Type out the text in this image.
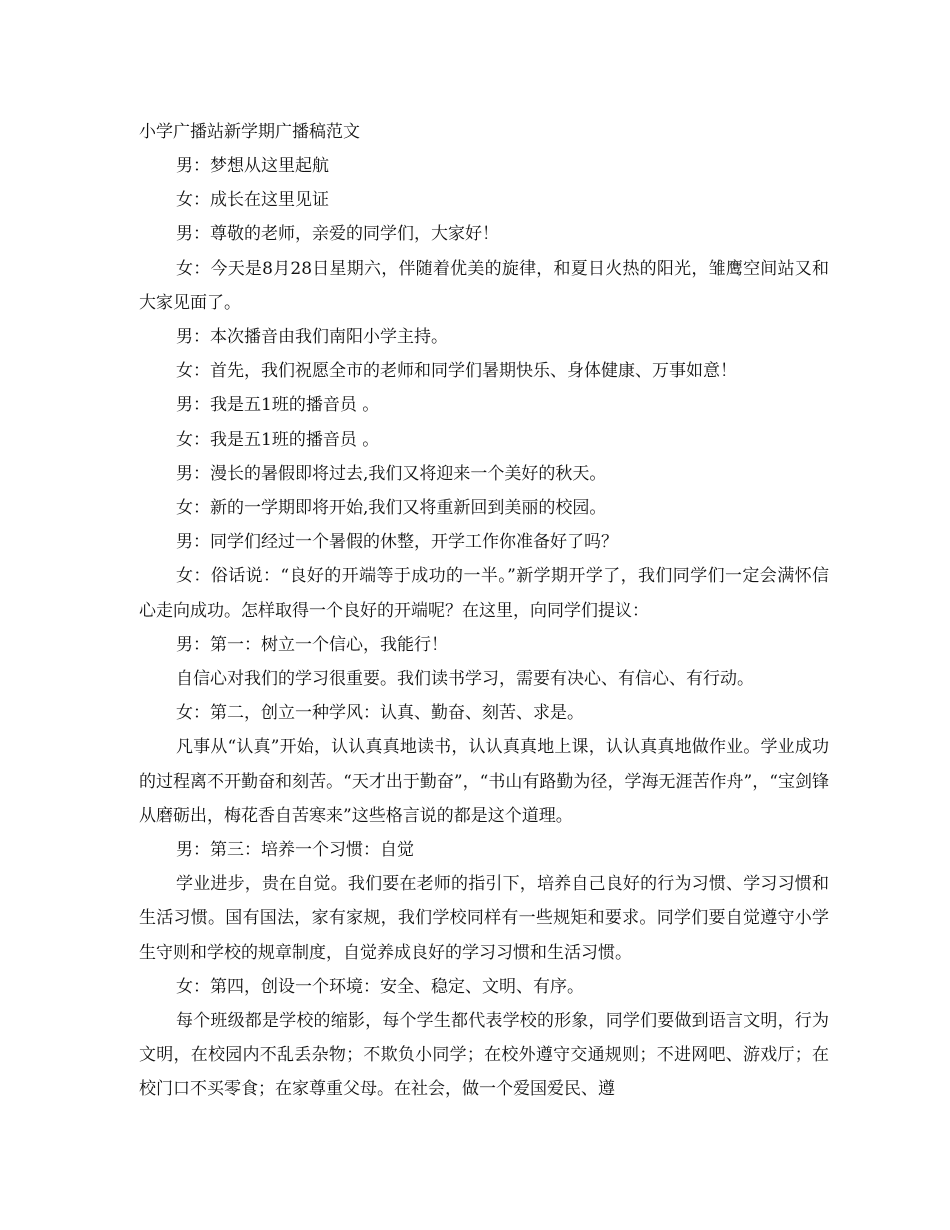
小学广播站新学期广播稿范文

男：梦想从这里起航

女：成长在这里见证

男：尊敬的老师，亲爱的同学们，大家好！

女：今天是8月28日星期六，伴随着优美的旋律，和夏日火热的阳光，雏鹰空间站又和大家见面了。

男：本次播音由我们南阳小学主持。

女：首先，我们祝愿全市的老师和同学们暑期快乐、身体健康、万事如意！

男：我是五1班的播音员 。

女：我是五1班的播音员 。

男：漫长的暑假即将过去,我们又将迎来一个美好的秋天。

女：新的一学期即将开始,我们又将重新回到美丽的校园。

男：同学们经过一个暑假的休整，开学工作你准备好了吗？

女：俗话说：“良好的开端等于成功的一半。”新学期开学了，我们同学们一定会满怀信心走向成功。怎样取得一个良好的开端呢？在这里，向同学们提议：

男：第一：树立一个信心，我能行！

自信心对我们的学习很重要。我们读书学习，需要有决心、有信心、有行动。

女：第二，创立一种学风：认真、勤奋、刻苦、求是。

凡事从“认真”开始，认认真真地读书，认认真真地上课，认认真真地做作业。学业成功的过程离不开勤奋和刻苦。“天才出于勤奋”，“书山有路勤为径，学海无涯苦作舟”，“宝剑锋从磨砺出，梅花香自苦寒来”这些格言说的都是这个道理。

男：第三：培养一个习惯：自觉

学业进步，贵在自觉。我们要在老师的指引下，培养自己良好的行为习惯、学习习惯和生活习惯。国有国法，家有家规，我们学校同样有一些规矩和要求。同学们要自觉遵守小学生守则和学校的规章制度，自觉养成良好的学习习惯和生活习惯。

女：第四，创设一个环境：安全、稳定、文明、有序。

每个班级都是学校的缩影，每个学生都代表学校的形象，同学们要做到语言文明，行为文明，在校园内不乱丢杂物；不欺负小同学；在校外遵守交通规则；不进网吧、游戏厅；在校门口不买零食；在家尊重父母。在社会，做一个爱国爱民、遵
